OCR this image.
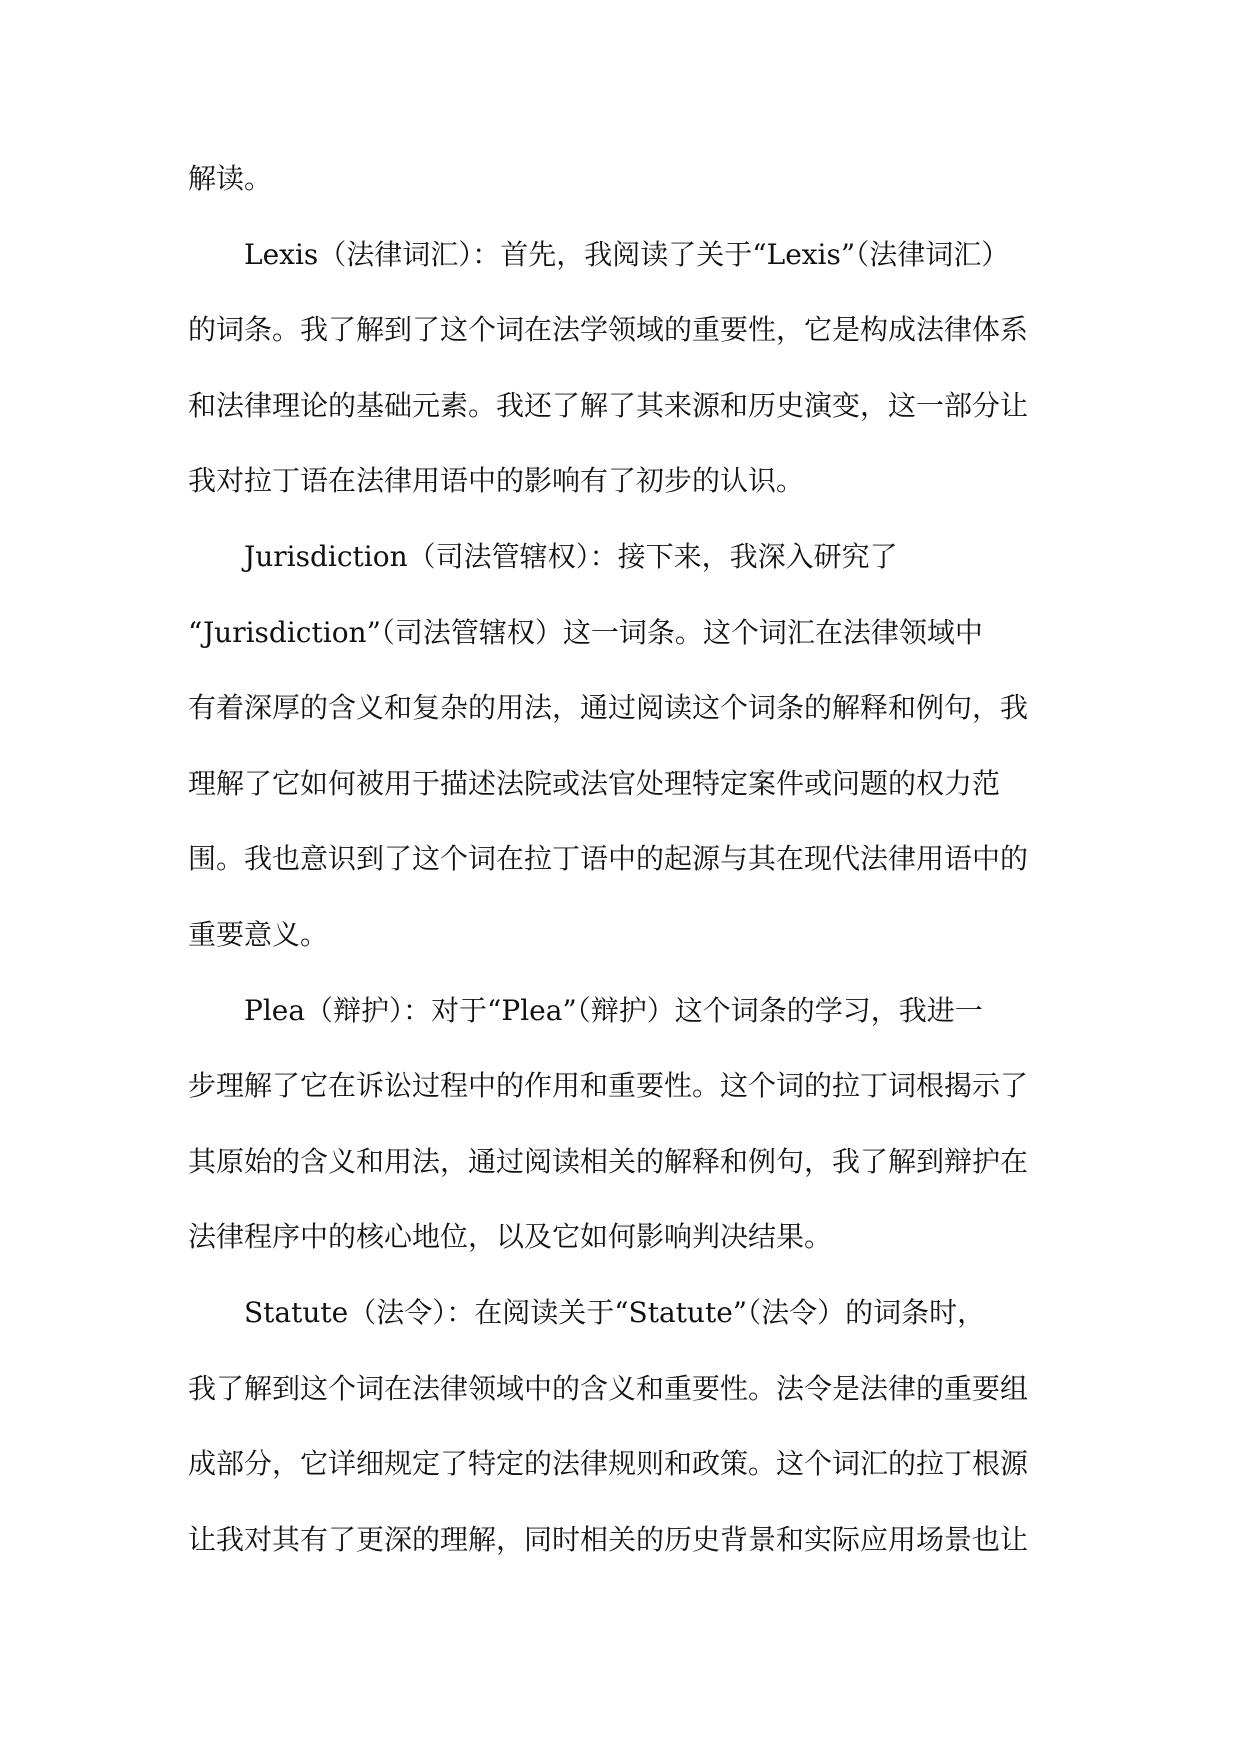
解读。

Lexis（法律词汇）：首先，我阅读了关于“Lexis”（法律词汇）
的词条。我了解到了这个词在法学领域的重要性，它是构成法律体系
和法律理论的基础元素。我还了解了其来源和历史演变，这一部分让
我对拉丁语在法律用语中的影响有了初步的认识。

Jurisdiction（司法管辖权）：接下来，我深入研究了
“Jurisdiction”（司法管辖权）这一词条。这个词汇在法律领域中
有着深厚的含义和复杂的用法，通过阅读这个词条的解释和例句，我
理解了它如何被用于描述法院或法官处理特定案件或问题的权力范
围。我也意识到了这个词在拉丁语中的起源与其在现代法律用语中的
重要意义。

Plea（辩护）：对于“Plea”（辩护）这个词条的学习，我进一
步理解了它在诉讼过程中的作用和重要性。这个词的拉丁词根揭示了
其原始的含义和用法，通过阅读相关的解释和例句，我了解到辩护在
法律程序中的核心地位，以及它如何影响判决结果。

Statute（法令）：在阅读关于“Statute”（法令）的词条时，
我了解到这个词在法律领域中的含义和重要性。法令是法律的重要组
成部分，它详细规定了特定的法律规则和政策。这个词汇的拉丁根源
让我对其有了更深的理解，同时相关的历史背景和实际应用场景也让
